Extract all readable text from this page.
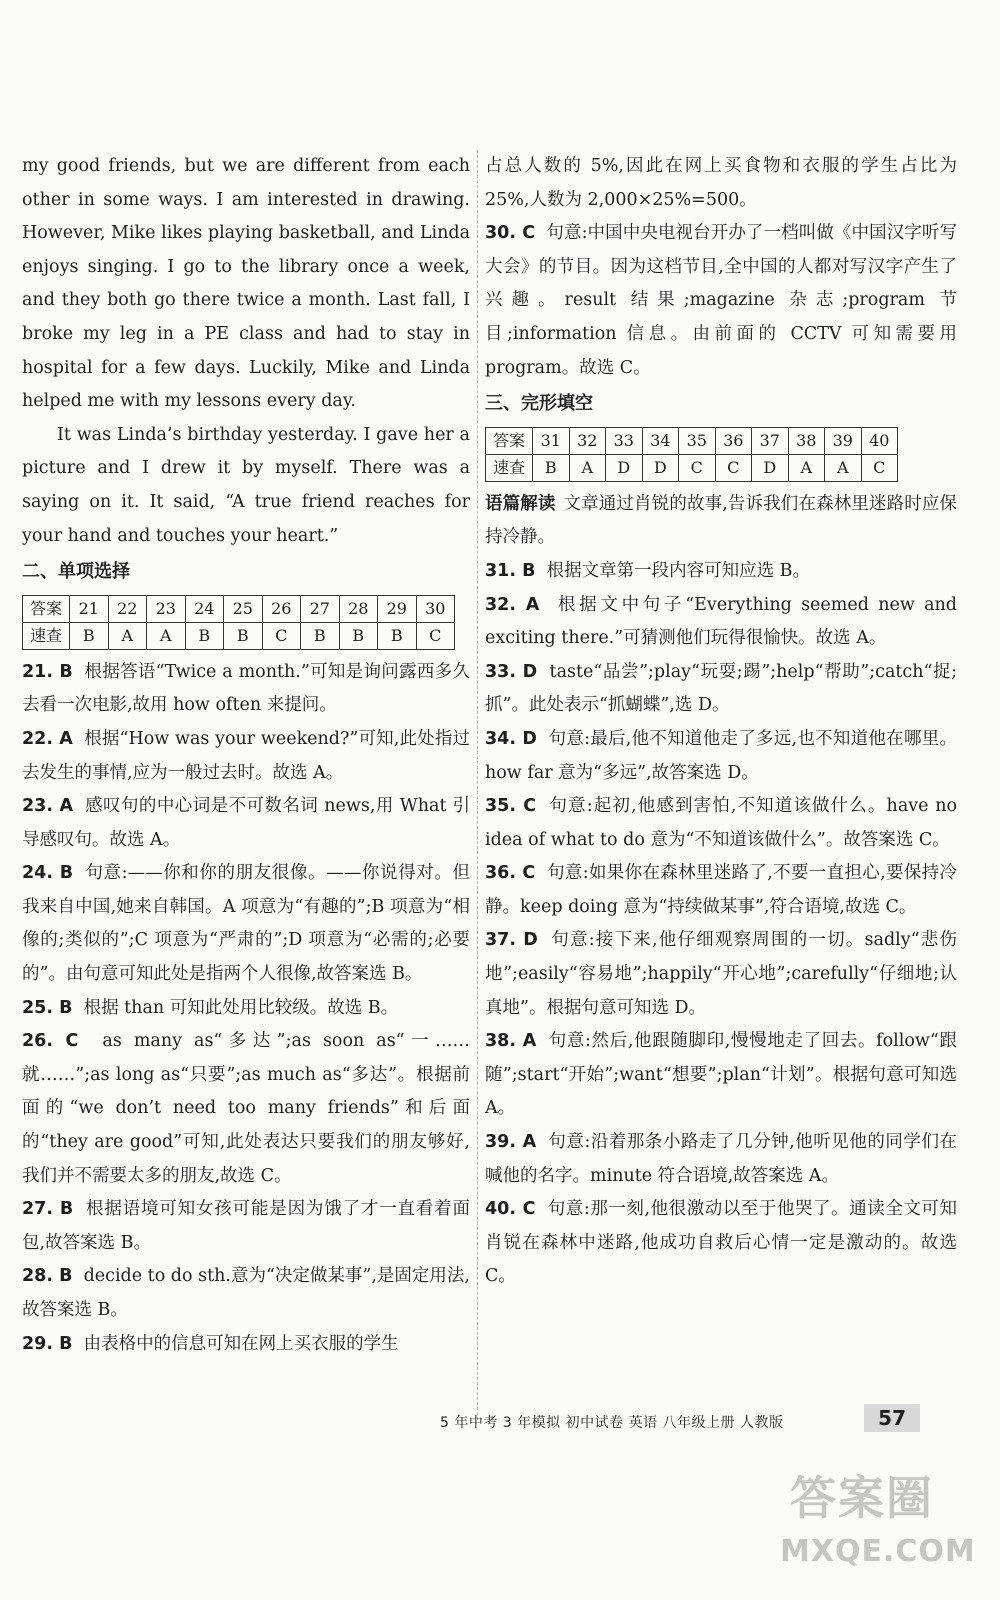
my good friends, but we are different from each other in some ways. I am interested in drawing. However, Mike likes playing basketball, and Linda enjoys singing. I go to the library once a week, and they both go there twice a month. Last fall, I broke my leg in a PE class and had to stay in hospital for a few days. Luckily, Mike and Linda helped me with my lessons every day.

It was Linda’s birthday yesterday. I gave her a picture and I drew it by myself. There was a saying on it. It said, “A true friend reaches for your hand and touches your heart.”

二、单项选择
答案	21	22	23	24	25	26	27	28	29	30
速查	B	A	A	B	B	C	B	B	B	C

21. B 根据答语“Twice a month.”可知是询问露西多久去看一次电影,故用 how often 来提问。

22. A 根据“How was your weekend?”可知,此处指过去发生的事情,应为一般过去时。故选 A。

23. A 感叹句的中心词是不可数名词 news,用 What 引导感叹句。故选 A。

24. B 句意:——你和你的朋友很像。——你说得对。但我来自中国,她来自韩国。A 项意为“有趣的”;B 项意为“相像的;类似的”;C 项意为“严肃的”;D 项意为“必需的;必要的”。由句意可知此处是指两个人很像,故答案选 B。

25. B 根据 than 可知此处用比较级。故选 B。

26. C as many as“多达”;as soon as“一……就……”;as long as“只要”;as much as“多达”。根据前面的“we don’t need too many friends”和后面的“they are good”可知,此处表达只要我们的朋友够好,我们并不需要太多的朋友,故选 C。

27. B 根据语境可知女孩可能是因为饿了才一直看着面包,故答案选 B。

28. B decide to do sth.意为“决定做某事”,是固定用法,故答案选 B。

29. B 由表格中的信息可知在网上买衣服的学生

占总人数的 5%,因此在网上买食物和衣服的学生占比为 25%,人数为 2,000×25%=500。

30. C 句意:中国中央电视台开办了一档叫做《中国汉字听写大会》的节目。因为这档节目,全中国的人都对写汉字产生了兴趣。result 结果;magazine 杂志;program 节目;information 信息。由前面的 CCTV 可知需要用 program。故选 C。

三、完形填空
答案	31	32	33	34	35	36	37	38	39	40
速查	B	A	D	D	C	C	D	A	A	C

语篇解读 文章通过肖锐的故事,告诉我们在森林里迷路时应保持冷静。

31. B 根据文章第一段内容可知应选 B。

32. A 根据文中句子“Everything seemed new and exciting there.”可猜测他们玩得很愉快。故选 A。

33. D taste“品尝”;play“玩耍;踢”;help“帮助”;catch“捉;抓”。此处表示“抓蝴蝶”,选 D。

34. D 句意:最后,他不知道他走了多远,也不知道他在哪里。how far 意为“多远”,故答案选 D。

35. C 句意:起初,他感到害怕,不知道该做什么。have no idea of what to do 意为“不知道该做什么”。故答案选 C。

36. C 句意:如果你在森林里迷路了,不要一直担心,要保持冷静。keep doing 意为“持续做某事”,符合语境,故选 C。

37. D 句意:接下来,他仔细观察周围的一切。sadly“悲伤地”;easily“容易地”;happily“开心地”;carefully“仔细地;认真地”。根据句意可知选 D。

38. A 句意:然后,他跟随脚印,慢慢地走了回去。follow“跟随”;start“开始”;want“想要”;plan“计划”。根据句意可知选 A。

39. A 句意:沿着那条小路走了几分钟,他听见他的同学们在喊他的名字。minute 符合语境,故答案选 A。

40. C 句意:那一刻,他很激动以至于他哭了。通读全文可知肖锐在森林中迷路,他成功自救后心情一定是激动的。故选 C。

5 年中考 3 年模拟 初中试卷 英语 八年级上册 人教版	57
答案圈
MXQE.COM
